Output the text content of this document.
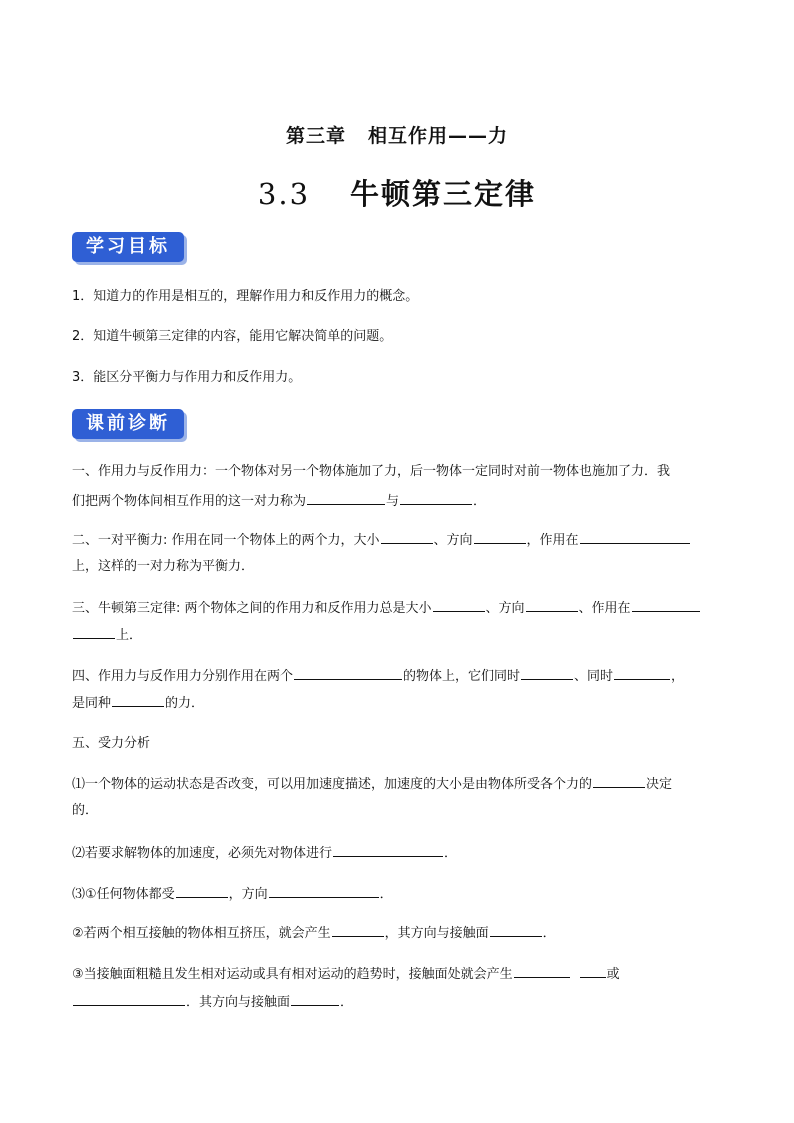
第三章 相互作用——力
3.3 牛顿第三定律
学习目标
1．知道力的作用是相互的，理解作用力和反作用力的概念。
2．知道牛顿第三定律的内容，能用它解决简单的问题。
3．能区分平衡力与作用力和反作用力。
课前诊断
一、作用力与反作用力：一个物体对另一个物体施加了力，后一物体一定同时对前一物体也施加了力．我
们把两个物体间相互作用的这一对力称为	与	．
二、一对平衡力: 作用在同一个物体上的两个力，大小	、方向	，作用在
上，这样的一对力称为平衡力．
三、牛顿第三定律: 两个物体之间的作用力和反作用力总是大小	、方向	、作用在
上．
四、作用力与反作用力分别作用在两个	的物体上，它们同时	、同时	，
是同种	的力．
五、受力分析
⑴一个物体的运动状态是否改变，可以用加速度描述，加速度的大小是由物体所受各个力的	决定
的．
⑵若要求解物体的加速度，必须先对物体进行	．
⑶①任何物体都受	，方向	．
②若两个相互接触的物体相互挤压，就会产生	，其方向与接触面	．
③当接触面粗糙且发生相对运动或具有相对运动的趋势时，接触面处就会产生	或
．其方向与接触面	．
